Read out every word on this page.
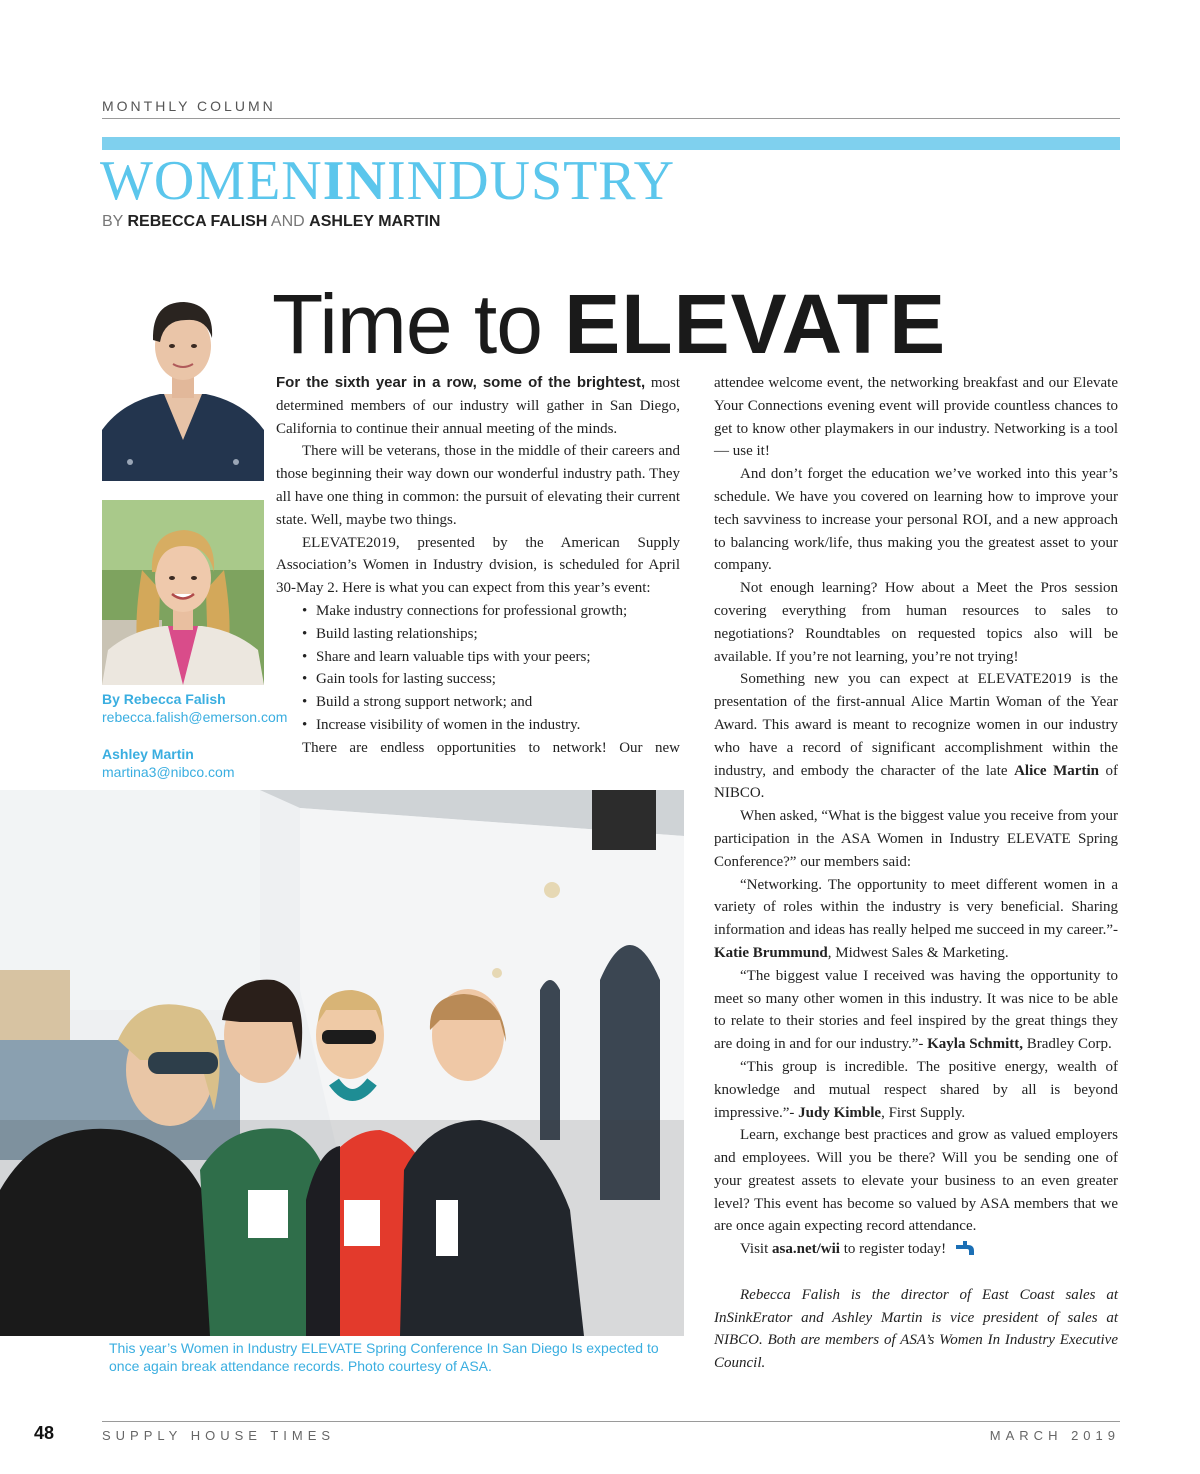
MONTHLY COLUMN
WOMENININDUSTRY
BY REBECCA FALISH AND ASHLEY MARTIN
Time to ELEVATE
By Rebecca Falish
rebecca.falish@emerson.com
Ashley Martin
martina3@nibco.com

For the sixth year in a row, some of the brightest, most determined members of our industry will gather in San Diego, California to continue their annual meeting of the minds.

There will be veterans, those in the middle of their careers and those beginning their way down our wonderful industry path. They all have one thing in common: the pursuit of elevating their current state. Well, maybe two things.

ELEVATE2019, presented by the American Supply Association’s Women in Industry dvision, is scheduled for April 30-May 2. Here is what you can expect from this year’s event:

• Make industry connections for professional growth;
• Build lasting relationships;
• Share and learn valuable tips with your peers;
• Gain tools for lasting success;
• Build a strong support network; and
• Increase visibility of women in the industry.

There are endless opportunities to network! Our new

attendee welcome event, the networking breakfast and our Elevate Your Connections evening event will provide countless chances to get to know other playmakers in our industry. Networking is a tool — use it!

And don’t forget the education we’ve worked into this year’s schedule. We have you covered on learning how to improve your tech savviness to increase your personal ROI, and a new approach to balancing work/life, thus making you the greatest asset to your company.

Not enough learning? How about a Meet the Pros session covering everything from human resources to sales to negotiations? Roundtables on requested topics also will be available. If you’re not learning, you’re not trying!

Something new you can expect at ELEVATE2019 is the presentation of the first-annual Alice Martin Woman of the Year Award. This award is meant to recognize women in our industry who have a record of significant accomplishment within the industry, and embody the character of the late Alice Martin of NIBCO.

When asked, “What is the biggest value you receive from your participation in the ASA Women in Industry ELEVATE Spring Conference?” our members said:

“Networking. The opportunity to meet different women in a variety of roles within the industry is very beneficial. Sharing information and ideas has really helped me succeed in my career.”- Katie Brummund, Midwest Sales & Marketing.

“The biggest value I received was having the opportunity to meet so many other women in this industry. It was nice to be able to relate to their stories and feel inspired by the great things they are doing in and for our industry.”- Kayla Schmitt, Bradley Corp.

“This group is incredible. The positive energy, wealth of knowledge and mutual respect shared by all is beyond impressive.”- Judy Kimble, First Supply.

Learn, exchange best practices and grow as valued employers and employees. Will you be there? Will you be sending one of your greatest assets to elevate your business to an even greater level? This event has become so valued by ASA members that we are once again expecting record attendance.

Visit asa.net/wii to register today!

Rebecca Falish is the director of East Coast sales at InSinkErator and Ashley Martin is vice president of sales at NIBCO. Both are members of ASA’s Women In Industry Executive Council.

This year’s Women in Industry ELEVATE Spring Conference In San Diego Is expected to once again break attendance records. Photo courtesy of ASA.
48	SUPPLY HOUSE TIMES	MARCH 2019
